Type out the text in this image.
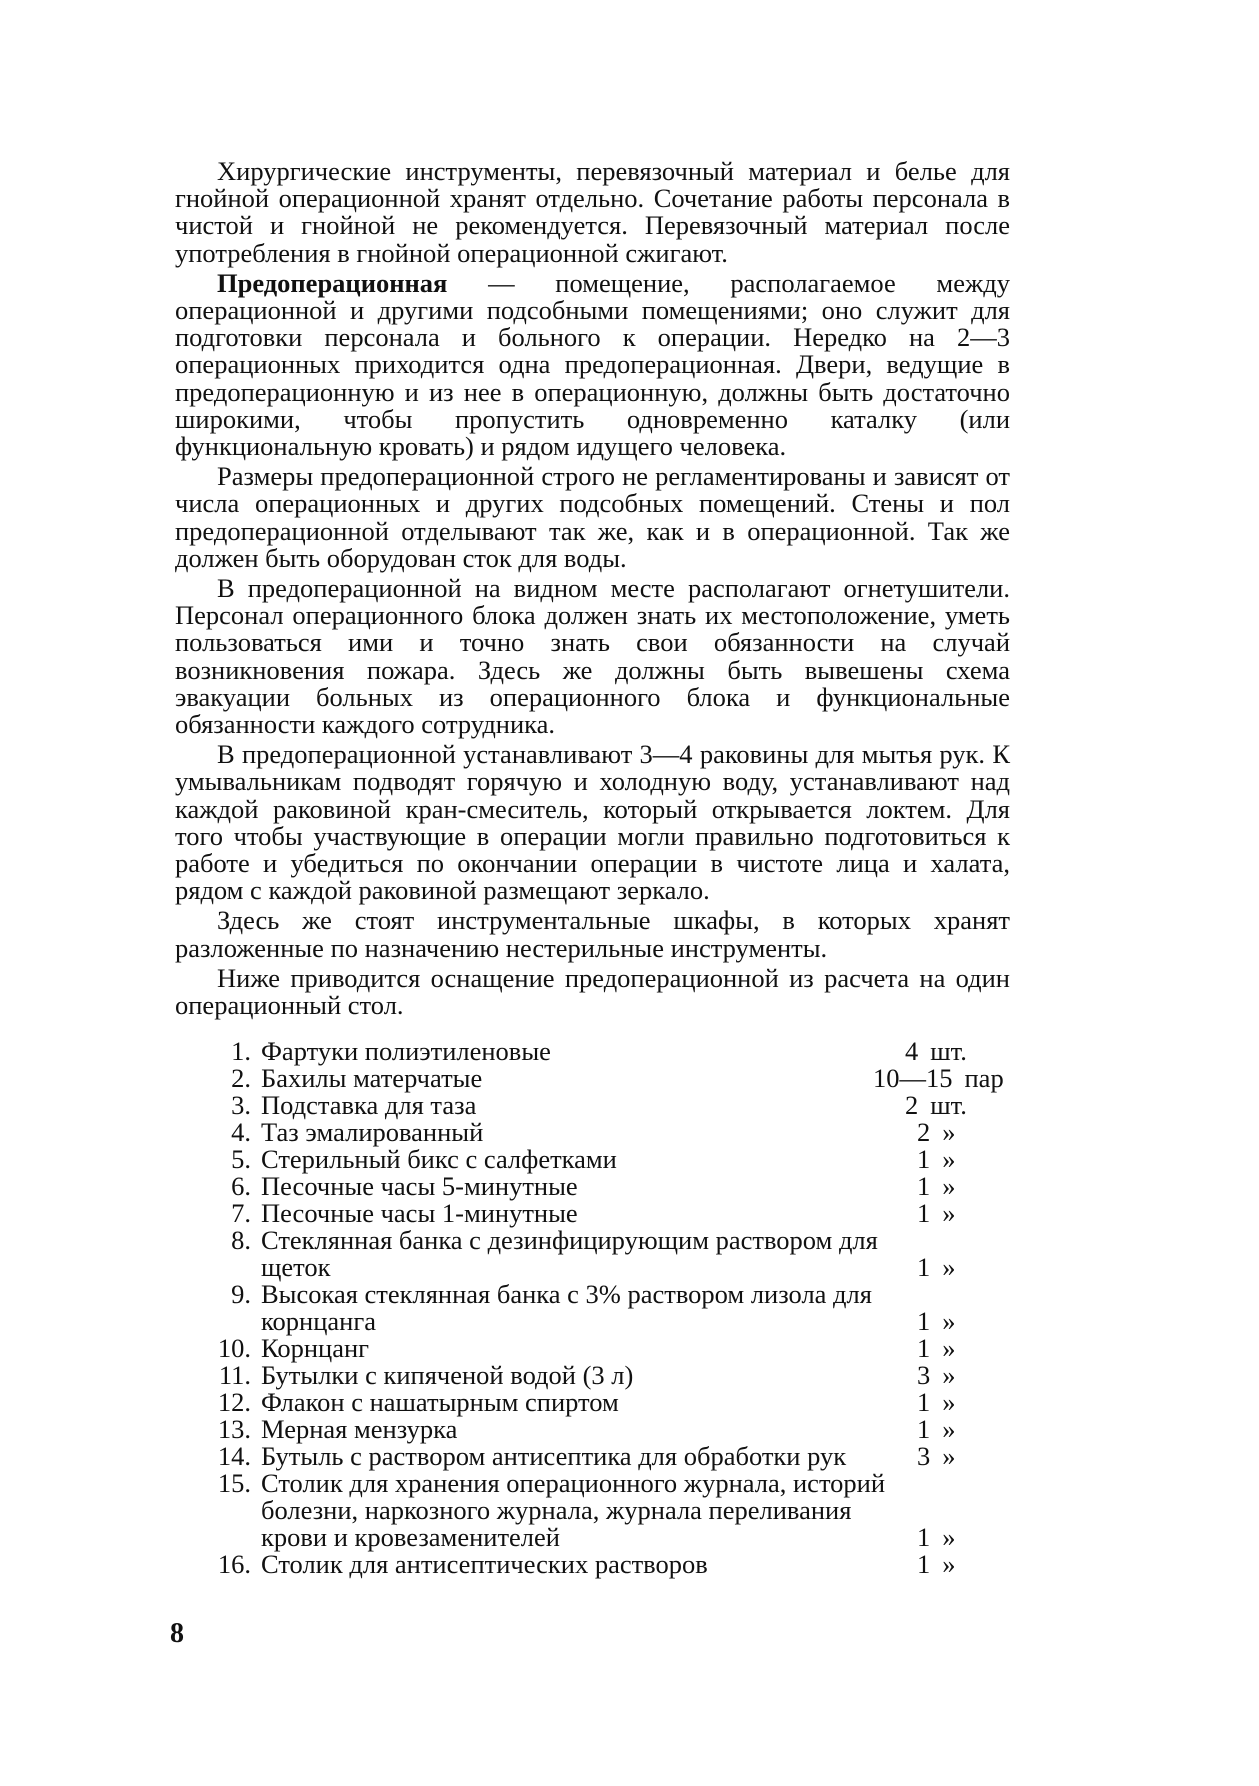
Хирургические инструменты, перевязочный материал и белье для гнойной операционной хранят отдельно. Сочетание работы персонала в чистой и гнойной не рекомендуется. Перевязочный материал после употребления в гнойной операционной сжигают.

Предоперационная — помещение, располагаемое между операционной и другими подсобными помещениями; оно служит для подготовки персонала и больного к операции. Нередко на 2—3 операционных приходится одна предоперационная. Двери, ведущие в предоперационную и из нее в операционную, должны быть достаточно широкими, чтобы пропустить одновременно каталку (или функциональную кровать) и рядом идущего человека.

Размеры предоперационной строго не регламентированы и зависят от числа операционных и других подсобных помещений. Стены и пол предоперационной отделывают так же, как и в операционной. Так же должен быть оборудован сток для воды.

В предоперационной на видном месте располагают огнетушители. Персонал операционного блока должен знать их местоположение, уметь пользоваться ими и точно знать свои обязанности на случай возникновения пожара. Здесь же должны быть вывешены схема эвакуации больных из операционного блока и функциональные обязанности каждого сотрудника.

В предоперационной устанавливают 3—4 раковины для мытья рук. К умывальникам подводят горячую и холодную воду, устанавливают над каждой раковиной кран-смеситель, который открывается локтем. Для того чтобы участвующие в операции могли правильно подготовиться к работе и убедиться по окончании операции в чистоте лица и халата, рядом с каждой раковиной размещают зеркало.

Здесь же стоят инструментальные шкафы, в которых хранят разложенные по назначению нестерильные инструменты.

Ниже приводится оснащение предоперационной из расчета на один операционный стол.

1. Фартуки полиэтиленовые	4 шт.
2. Бахилы матерчатые	10—15 пар
3. Подставка для таза	2 шт.
4. Таз эмалированный	2 »
5. Стерильный бикс с салфетками	1 »
6. Песочные часы 5-минутные	1 »
7. Песочные часы 1-минутные	1 »
8. Стеклянная банка с дезинфицирующим раствором для щеток	1 »
9. Высокая стеклянная банка с 3% раствором лизола для корнцанга	1 »
10. Корнцанг	1 »
11. Бутылки с кипяченой водой (3 л)	3 »
12. Флакон с нашатырным спиртом	1 »
13. Мерная мензурка	1 »
14. Бутыль с раствором антисептика для обработки рук	3 »
15. Столик для хранения операционного журнала, историй болезни, наркозного журнала, журнала переливания крови и кровезаменителей	1 »
16. Столик для антисептических растворов	1 »
8
